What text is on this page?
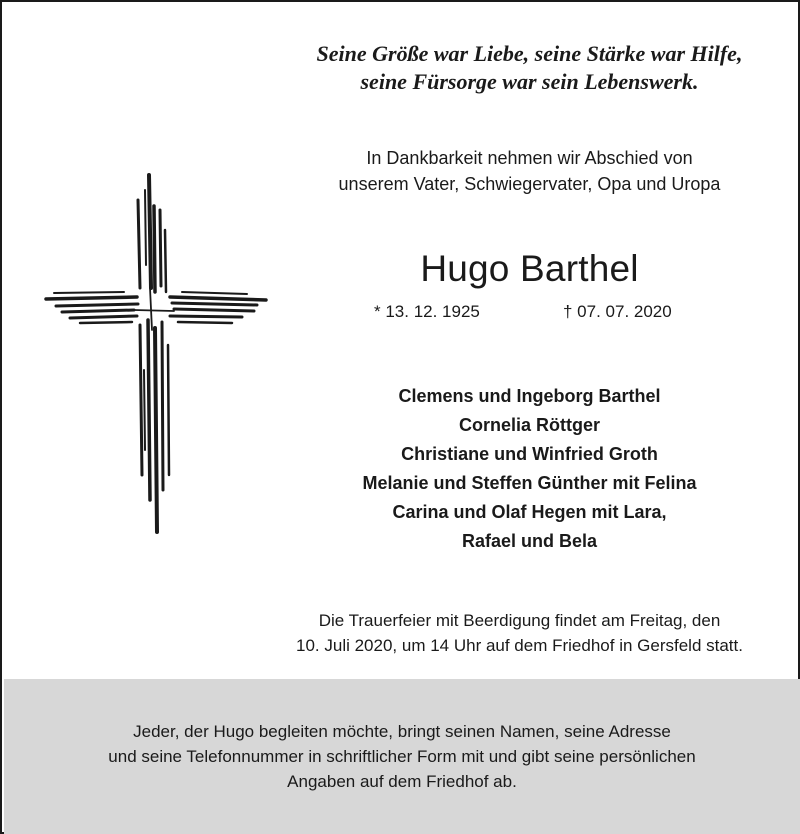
Seine Größe war Liebe, seine Stärke war Hilfe,
seine Fürsorge war sein Lebenswerk.
In Dankbarkeit nehmen wir Abschied von
unserem Vater, Schwiegervater, Opa und Uropa
Hugo Barthel
* 13. 12. 1925	† 07. 07. 2020
Clemens und Ingeborg Barthel
Cornelia Röttger
Christiane und Winfried Groth
Melanie und Steffen Günther mit Felina
Carina und Olaf Hegen mit Lara,
Rafael und Bela
Die Trauerfeier mit Beerdigung findet am Freitag, den
10. Juli 2020, um 14 Uhr auf dem Friedhof in Gersfeld statt.
Jeder, der Hugo begleiten möchte, bringt seinen Namen, seine Adresse
und seine Telefonnummer in schriftlicher Form mit und gibt seine persönlichen
Angaben auf dem Friedhof ab.
